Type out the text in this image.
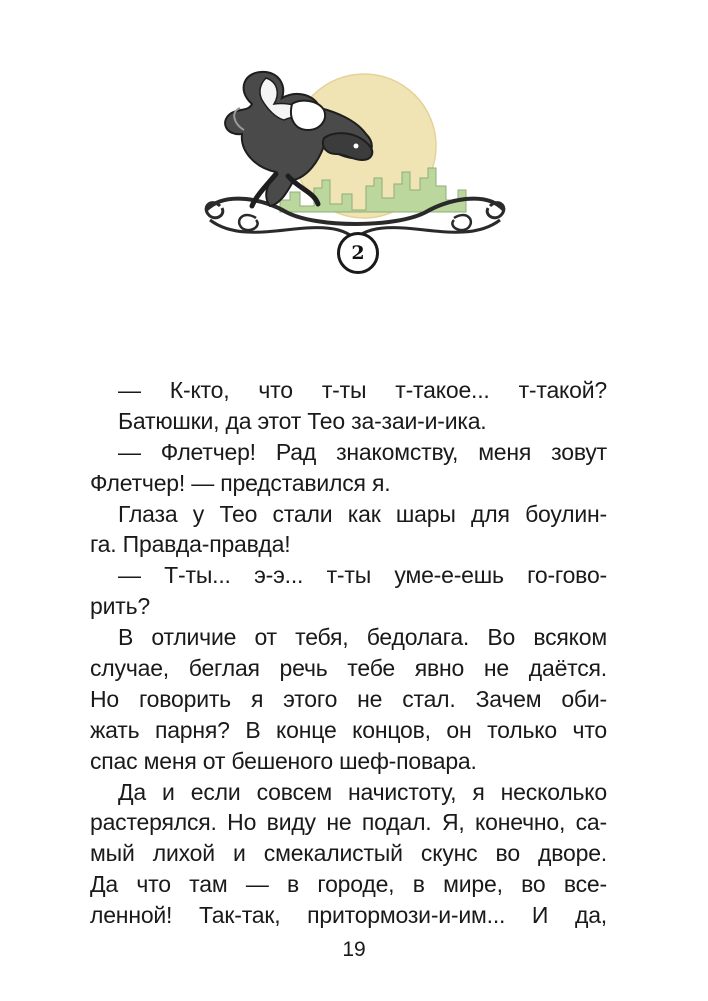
2
— К-кто, что т-ты т-такое... т-такой?
Батюшки, да этот Тео за-заи-и-ика.
— Флетчер! Рад знакомству, меня зовут
Флетчер! — представился я.
Глаза у Тео стали как шары для боулин-
га. Правда-правда!
— Т-ты... э-э... т-ты уме-е-ешь го-гово-
рить?
В отличие от тебя, бедолага. Во всяком
случае, беглая речь тебе явно не даётся.
Но говорить я этого не стал. Зачем оби-
жать парня? В конце концов, он только что
спас меня от бешеного шеф-повара.
Да и если совсем начистоту, я несколько
растерялся. Но виду не подал. Я, конечно, са-
мый лихой и смекалистый скунс во дворе.
Да что там — в городе, в мире, во все-
ленной! Так-так, притормози-и-им... И да,
19
